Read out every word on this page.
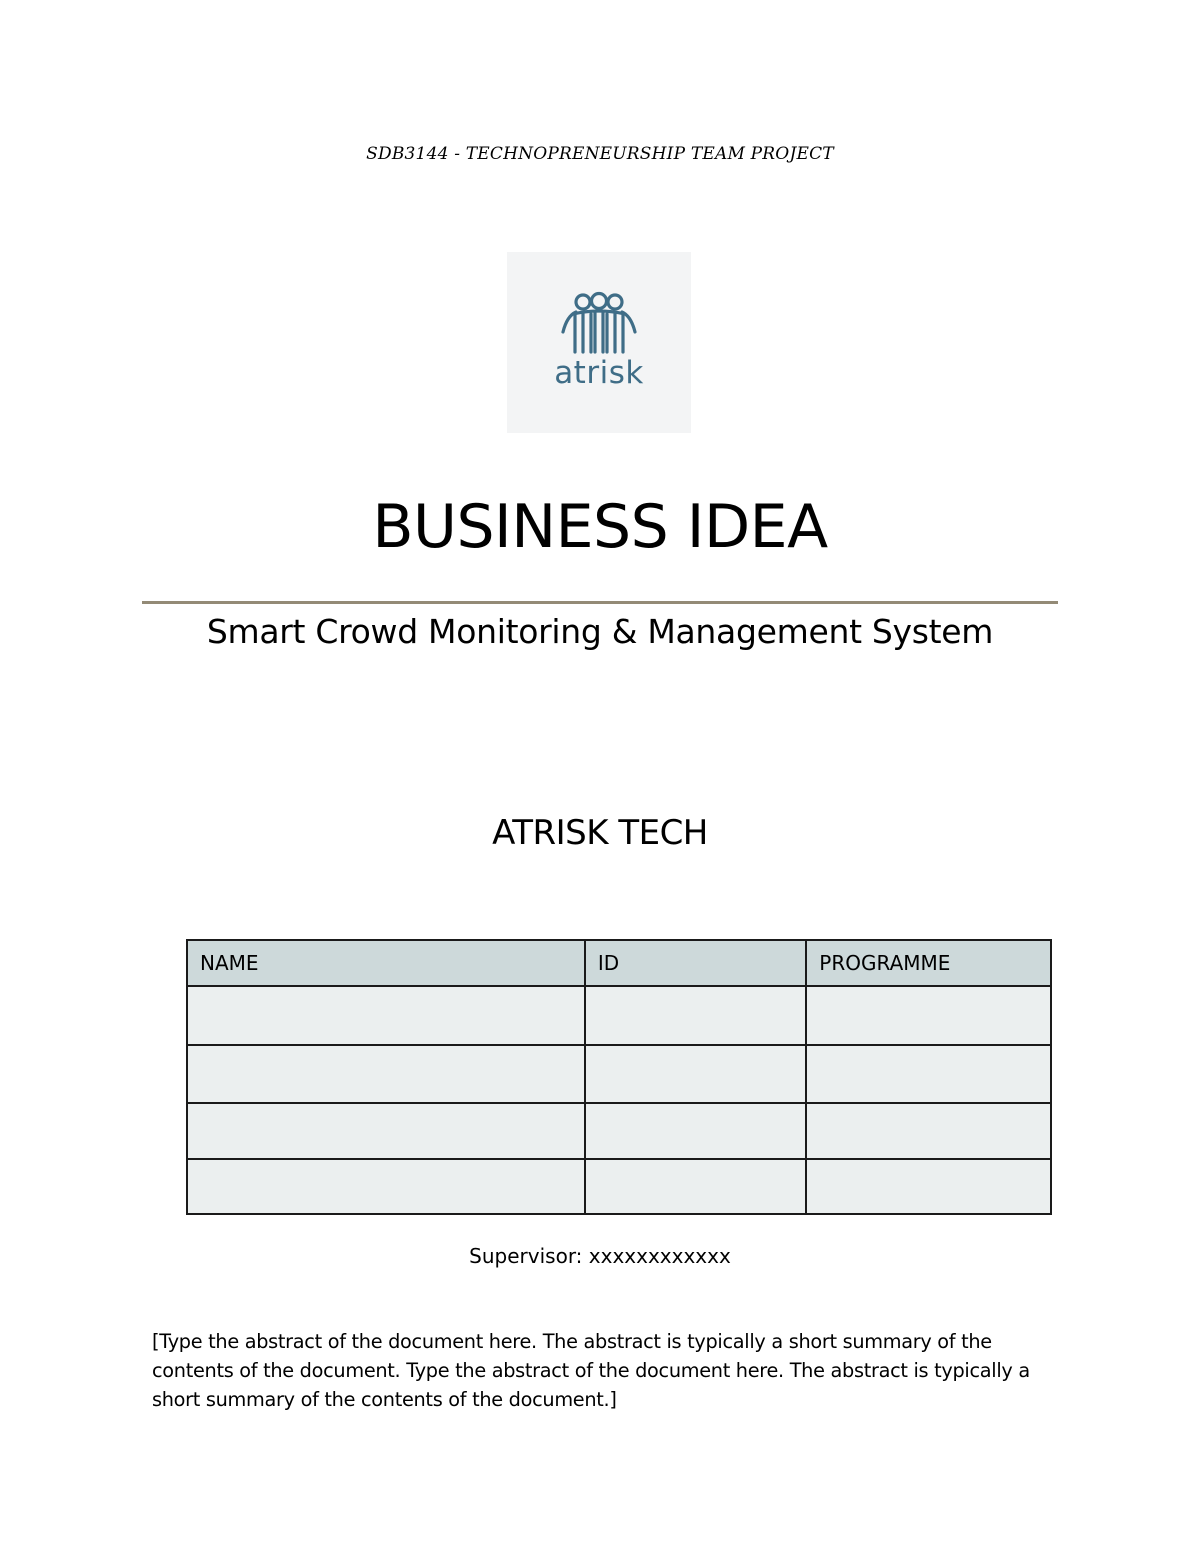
SDB3144 - TECHNOPRENEURSHIP TEAM PROJECT
atrisk
BUSINESS IDEA
Smart Crowd Monitoring & Management System
ATRISK TECH
NAME	ID	PROGRAMME

Supervisor: xxxxxxxxxxxx
[Type the abstract of the document here. The abstract is typically a short summary of the contents of the document. Type the abstract of the document here. The abstract is typically a short summary of the contents of the document.]
